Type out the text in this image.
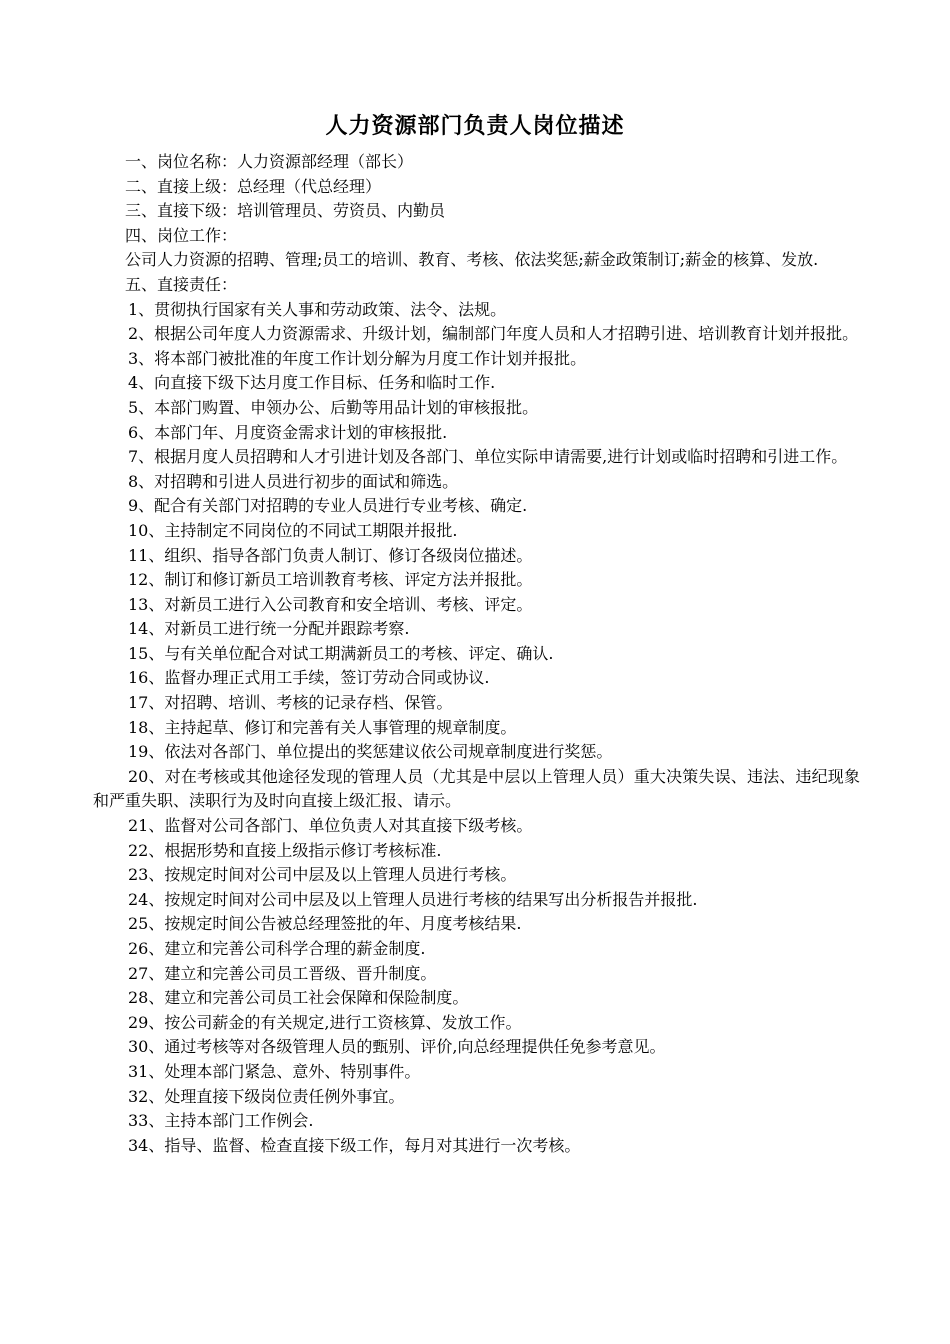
人力资源部门负责人岗位描述

一、岗位名称：人力资源部经理（部长）

二、直接上级：总经理（代总经理）

三、直接下级：培训管理员、劳资员、内勤员

四、岗位工作：

公司人力资源的招聘、管理;员工的培训、教育、考核、依法奖惩;薪金政策制订;薪金的核算、发放.

五、直接责任：

1、贯彻执行国家有关人事和劳动政策、法令、法规。

2、根据公司年度人力资源需求、升级计划，编制部门年度人员和人才招聘引进、培训教育计划并报批。

3、将本部门被批准的年度工作计划分解为月度工作计划并报批。

4、向直接下级下达月度工作目标、任务和临时工作.

5、本部门购置、申领办公、后勤等用品计划的审核报批。

6、本部门年、月度资金需求计划的审核报批.

7、根据月度人员招聘和人才引进计划及各部门、单位实际申请需要,进行计划或临时招聘和引进工作。

8、对招聘和引进人员进行初步的面试和筛选。

9、配合有关部门对招聘的专业人员进行专业考核、确定.

10、主持制定不同岗位的不同试工期限并报批.

11、组织、指导各部门负责人制订、修订各级岗位描述。

12、制订和修订新员工培训教育考核、评定方法并报批。

13、对新员工进行入公司教育和安全培训、考核、评定。

14、对新员工进行统一分配并跟踪考察.

15、与有关单位配合对试工期满新员工的考核、评定、确认.

16、监督办理正式用工手续，签订劳动合同或协议.

17、对招聘、培训、考核的记录存档、保管。

18、主持起草、修订和完善有关人事管理的规章制度。

19、依法对各部门、单位提出的奖惩建议依公司规章制度进行奖惩。

20、对在考核或其他途径发现的管理人员（尤其是中层以上管理人员）重大决策失误、违法、违纪现象和严重失职、渎职行为及时向直接上级汇报、请示。

21、监督对公司各部门、单位负责人对其直接下级考核。

22、根据形势和直接上级指示修订考核标准.

23、按规定时间对公司中层及以上管理人员进行考核。

24、按规定时间对公司中层及以上管理人员进行考核的结果写出分析报告并报批.

25、按规定时间公告被总经理签批的年、月度考核结果.

26、建立和完善公司科学合理的薪金制度.

27、建立和完善公司员工晋级、晋升制度。

28、建立和完善公司员工社会保障和保险制度。

29、按公司薪金的有关规定,进行工资核算、发放工作。

30、通过考核等对各级管理人员的甄别、评价,向总经理提供任免参考意见。

31、处理本部门紧急、意外、特别事件。

32、处理直接下级岗位责任例外事宜。

33、主持本部门工作例会.

34、指导、监督、检查直接下级工作，每月对其进行一次考核。
